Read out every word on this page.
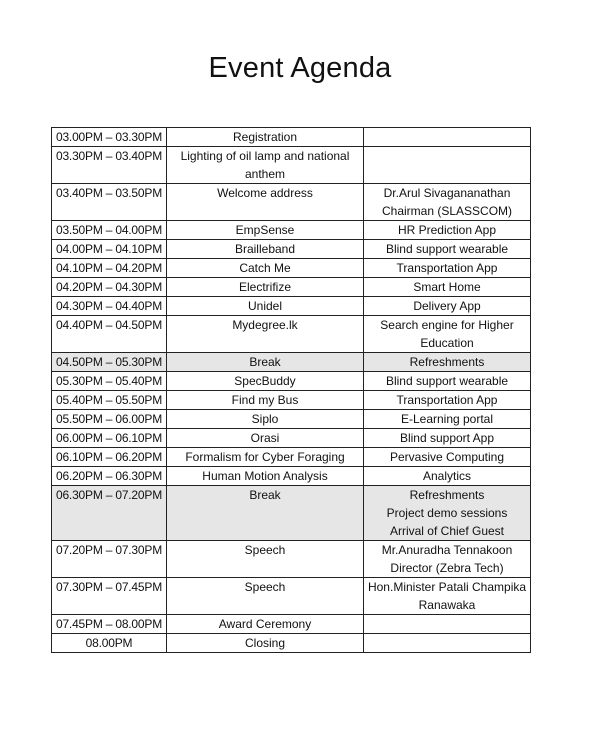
Event Agenda
03.00PM – 03.30PM	Registration	
03.30PM – 03.40PM	Lighting of oil lamp and national anthem	
03.40PM – 03.50PM	Welcome address	Dr.Arul Sivagananathan
Chairman (SLASSCOM)

03.50PM – 04.00PM	EmpSense	HR Prediction App

04.00PM – 04.10PM	Brailleband	Blind support wearable

04.10PM – 04.20PM	Catch Me	Transportation App

04.20PM – 04.30PM	Electrifize	Smart Home

04.30PM – 04.40PM	Unidel	Delivery App

04.40PM – 04.50PM	Mydegree.lk	Search engine for Higher
Education

04.50PM – 05.30PM	Break	Refreshments

05.30PM – 05.40PM	SpecBuddy	Blind support wearable

05.40PM – 05.50PM	Find my Bus	Transportation App

05.50PM – 06.00PM	Siplo	E-Learning portal

06.00PM – 06.10PM	Orasi	Blind support App

06.10PM – 06.20PM	Formalism for Cyber Foraging	Pervasive Computing

06.20PM – 06.30PM	Human Motion Analysis	Analytics

06.30PM – 07.20PM	Break	Refreshments
Project demo sessions
Arrival of Chief Guest

07.20PM – 07.30PM	Speech	Mr.Anuradha Tennakoon
Director (Zebra Tech)

07.30PM – 07.45PM	Speech	Hon.Minister Patali Champika
Ranawaka

07.45PM – 08.00PM	Award Ceremony	
08.00PM	Closing	
